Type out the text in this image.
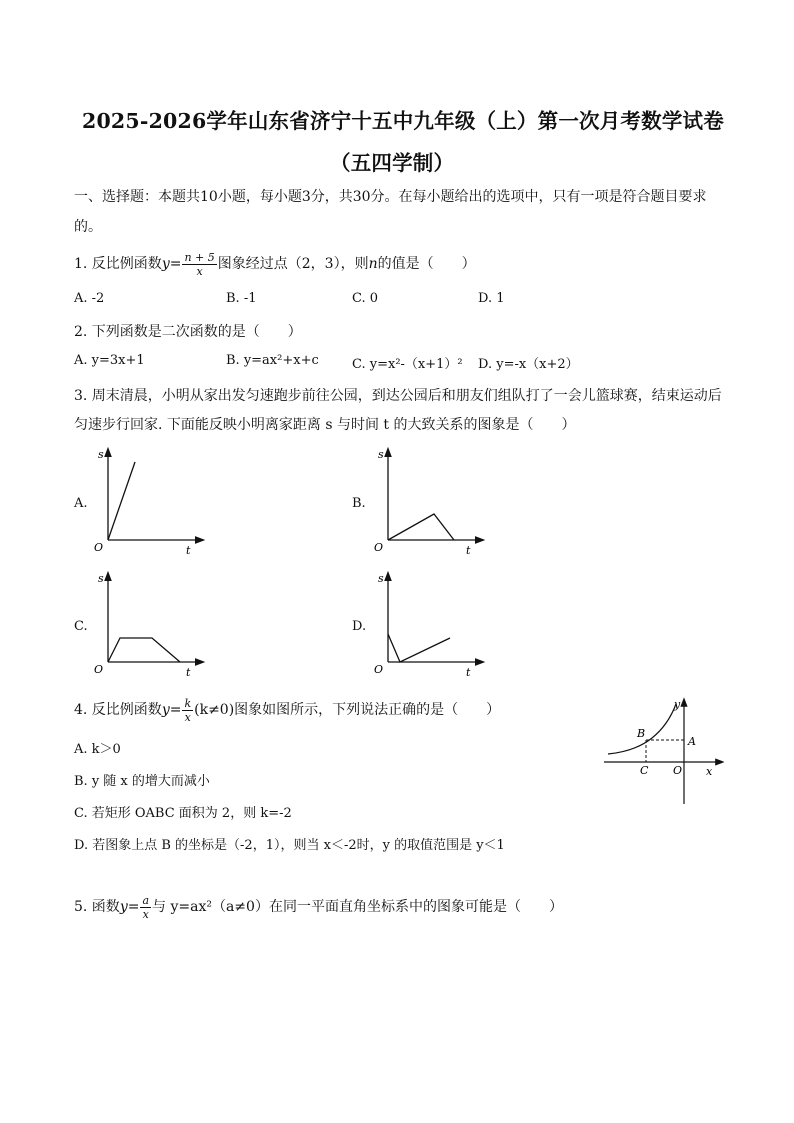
2025-2026学年山东省济宁十五中九年级（上）第一次月考数学试卷
（五四学制）
一、选择题：本题共10小题，每小题3分，共30分。在每小题给出的选项中，只有一项是符合题目要求
的。
1. 反比例函数$y= \frac{n + 5}{x}$ 图象经过点（2，3），则n的值是（　　）
A. -2	B. -1	C. 0	D. 1
2. 下列函数是二次函数的是（　　）
A. y=3x+1	B. y=ax²+x+c	C. y=x²-（x+1）² D. y=-x（x+2）
3. 周末清晨，小明从家出发匀速跑步前往公园，到达公园后和朋友们组队打了一会儿篮球赛，结束运动后
匀速步行回家. 下面能反映小明离家距离 s 与时间 t 的大致关系的图象是（　　）
A.
s
t
O
B.
s
t
O
C.
s
t
O
D.
s
t
O
4. 反比例函数$y= \frac{k}{x} (k\ne 0)$图象如图所示，下列说法正确的是（　　）
A. k＞0
B. y 随 x 的增大而减小
C. 若矩形 OABC 面积为 2，则 k=-2
D. 若图象上点 B 的坐标是（-2，1），则当 x＜-2时，y 的取值范围是 y＜1
B
A
C O x
y
5. 函数$y= \frac{a}{x}$ 与 y=ax²（a≠0）在同一平面直角坐标系中的图象可能是（　　）
